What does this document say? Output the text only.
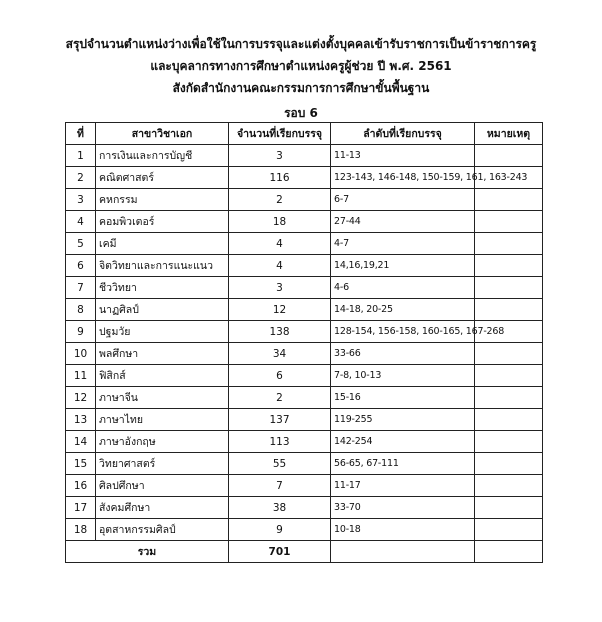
สรุปจำนวนตำแหน่งว่างเพื่อใช้ในการบรรจุและแต่งตั้งบุคคลเข้ารับราชการเป็นข้าราชการครู
และบุคลากรทางการศึกษาตำแหน่งครูผู้ช่วย ปี พ.ศ. 2561
สังกัดสำนักงานคณะกรรมการการศึกษาขั้นพื้นฐาน
รอบ 6
ที่	สาขาวิชาเอก	จำนวนที่เรียกบรรจุ	ลำดับที่เรียกบรรจุ	หมายเหตุ
1	การเงินและการบัญชี	3	11-13	
2	คณิตศาสตร์	116	123-143, 146-148, 150-159, 161, 163-243	
3	คหกรรม	2	6-7	
4	คอมพิวเตอร์	18	27-44	
5	เคมี	4	4-7	
6	จิตวิทยาและการแนะแนว	4	14,16,19,21	
7	ชีววิทยา	3	4-6	
8	นาฏศิลป์	12	14-18, 20-25	
9	ปฐมวัย	138	128-154, 156-158, 160-165, 167-268	
10	พลศึกษา	34	33-66	
11	ฟิสิกส์	6	7-8, 10-13	
12	ภาษาจีน	2	15-16	
13	ภาษาไทย	137	119-255	
14	ภาษาอังกฤษ	113	142-254	
15	วิทยาศาสตร์	55	56-65, 67-111	
16	ศิลปศึกษา	7	11-17	
17	สังคมศึกษา	38	33-70	
18	อุตสาหกรรมศิลป์	9	10-18	
รวม		701		
